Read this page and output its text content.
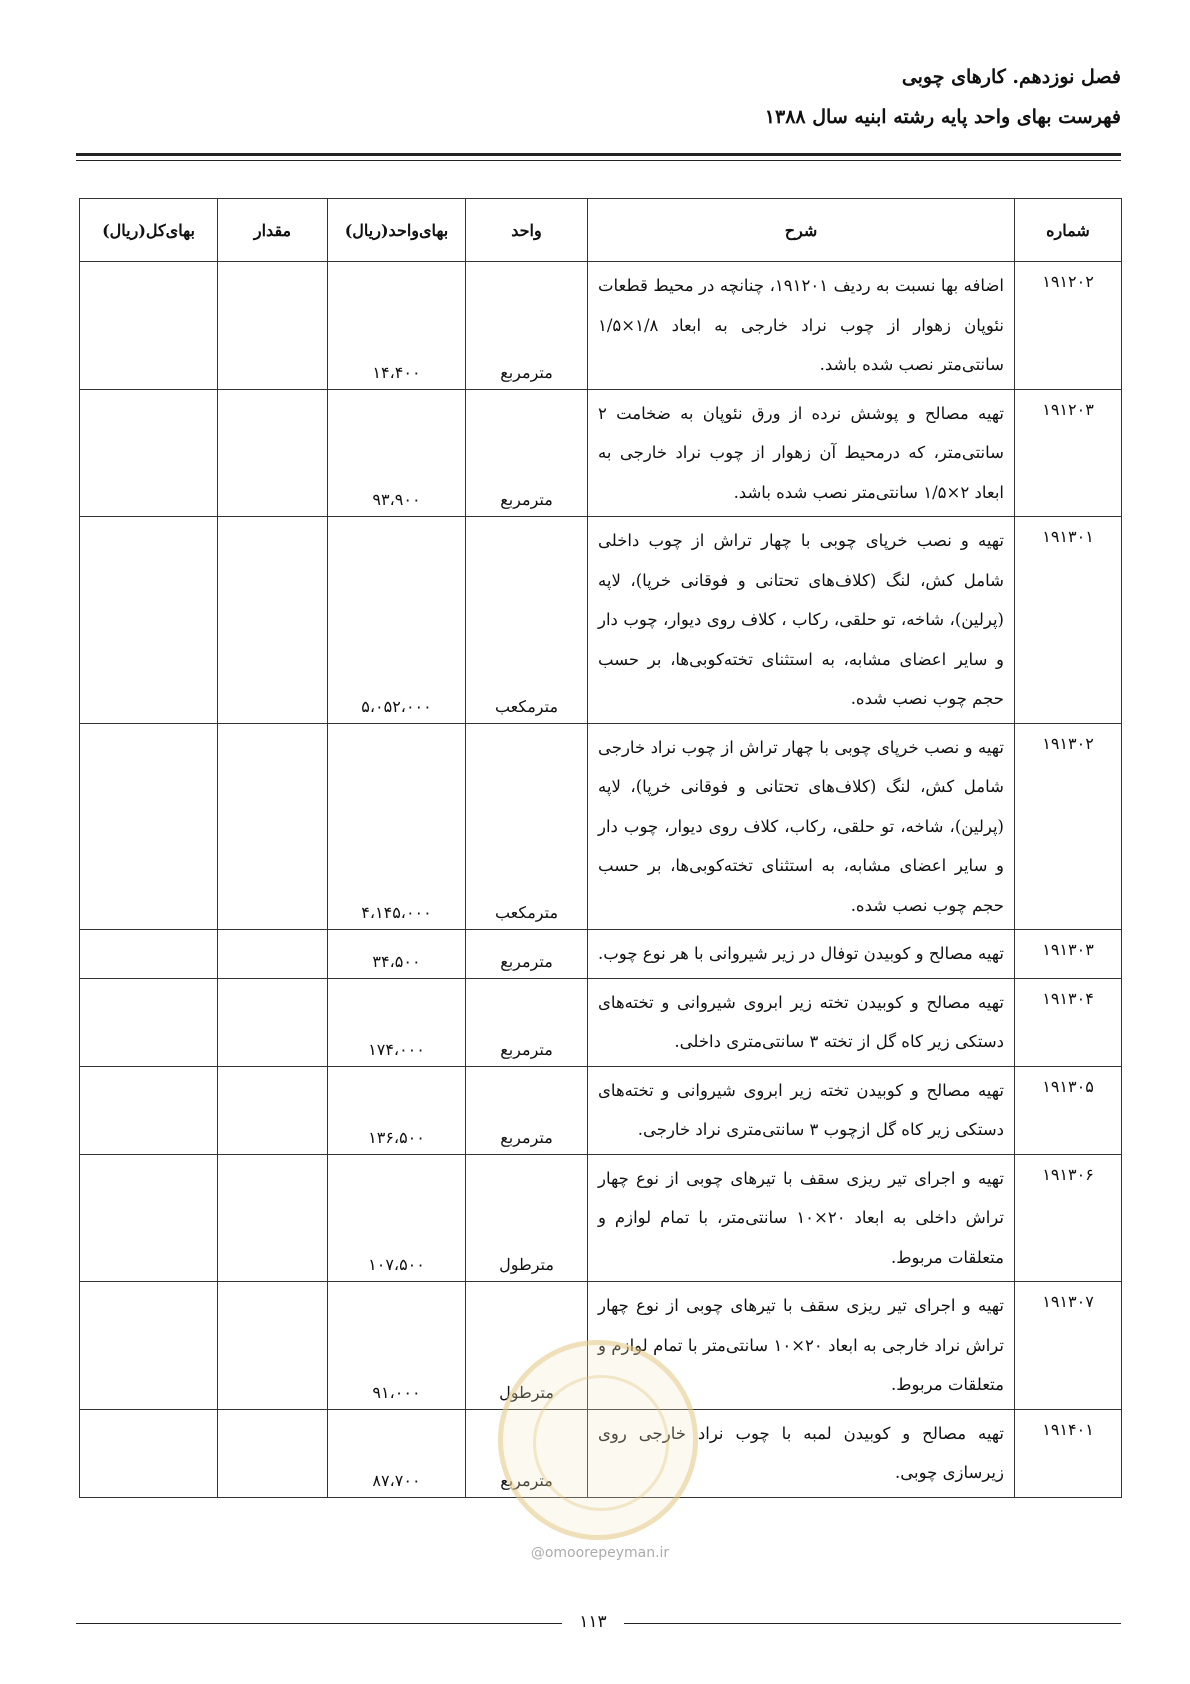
فصل نوزدهم. کارهای چوبی
فهرست بهای واحد پایه رشته ابنیه سال ۱۳۸۸
شماره	شرح	واحد	بهای‌واحد(ریال)	مقدار	بهای‌کل(ریال)
۱۹۱۲۰۲	اضافه بها نسبت به ردیف ۱۹۱۲۰۱، چنانچه در محیط قطعات نئوپان زهوار از چوب نراد خارجی به ابعاد ۱/۸×۱/۵ سانتی‌متر نصب شده باشد.	مترمربع	۱۴،۴۰۰		
۱۹۱۲۰۳	تهیه مصالح و پوشش نرده از ورق نئوپان به ضخامت ۲ سانتی‌متر، که درمحیط آن زهوار از چوب نراد خارجی به ابعاد ۲×۱/۵ سانتی‌متر نصب شده باشد.	مترمربع	۹۳،۹۰۰		
۱۹۱۳۰۱	تهیه و نصب خرپای چوبی با چهار تراش از چوب داخلی شامل کش، لنگ (کلاف‌های تحتانی و فوقانی خرپا)، لاپه (پرلین)، شاخه، تو حلقی، رکاب ، کلاف روی دیوار، چوب دار و سایر اعضای مشابه، به استثنای تخته‌کوبی‌ها، بر حسب حجم چوب نصب شده.	مترمکعب	۵،۰۵۲،۰۰۰		
۱۹۱۳۰۲	تهیه و نصب خرپای چوبی با چهار تراش از چوب نراد خارجی شامل کش، لنگ (کلاف‌های تحتانی و فوقانی خرپا)، لاپه (پرلین)، شاخه، تو حلقی، رکاب، کلاف روی دیوار، چوب دار و سایر اعضای مشابه، به استثنای تخته‌کوبی‌ها، بر حسب حجم چوب نصب شده.	مترمکعب	۴،۱۴۵،۰۰۰		
۱۹۱۳۰۳	تهیه مصالح و کوبیدن توفال در زیر شیروانی با هر نوع چوب.	مترمربع	۳۴،۵۰۰		
۱۹۱۳۰۴	تهیه مصالح و کوبیدن تخته زیر ابروی شیروانی و تخته‌های دستکی زیر کاه گل از تخته ۳ سانتی‌متری داخلی.	مترمربع	۱۷۴،۰۰۰		
۱۹۱۳۰۵	تهیه مصالح و کوبیدن تخته زیر ابروی شیروانی و تخته‌های دستکی زیر کاه گل ازچوب ۳ سانتی‌متری نراد خارجی.	مترمربع	۱۳۶،۵۰۰		
۱۹۱۳۰۶	تهیه و اجرای تیر ریزی سقف با تیرهای چوبی از نوع چهار تراش داخلی به ابعاد ۲۰×۱۰ سانتی‌متر، با تمام لوازم و متعلقات مربوط.	مترطول	۱۰۷،۵۰۰		
۱۹۱۳۰۷	تهیه و اجرای تیر ریزی سقف با تیرهای چوبی از نوع چهار تراش نراد خارجی به ابعاد ۲۰×۱۰ سانتی‌متر با تمام لوازم و متعلقات مربوط.	مترطول	۹۱،۰۰۰		
۱۹۱۴۰۱	تهیه مصالح و کوبیدن لمبه با چوب نراد خارجی روی زیرسازی چوبی.	مترمربع	۸۷،۷۰۰		
@omoorepeyman.ir
۱۱۳
